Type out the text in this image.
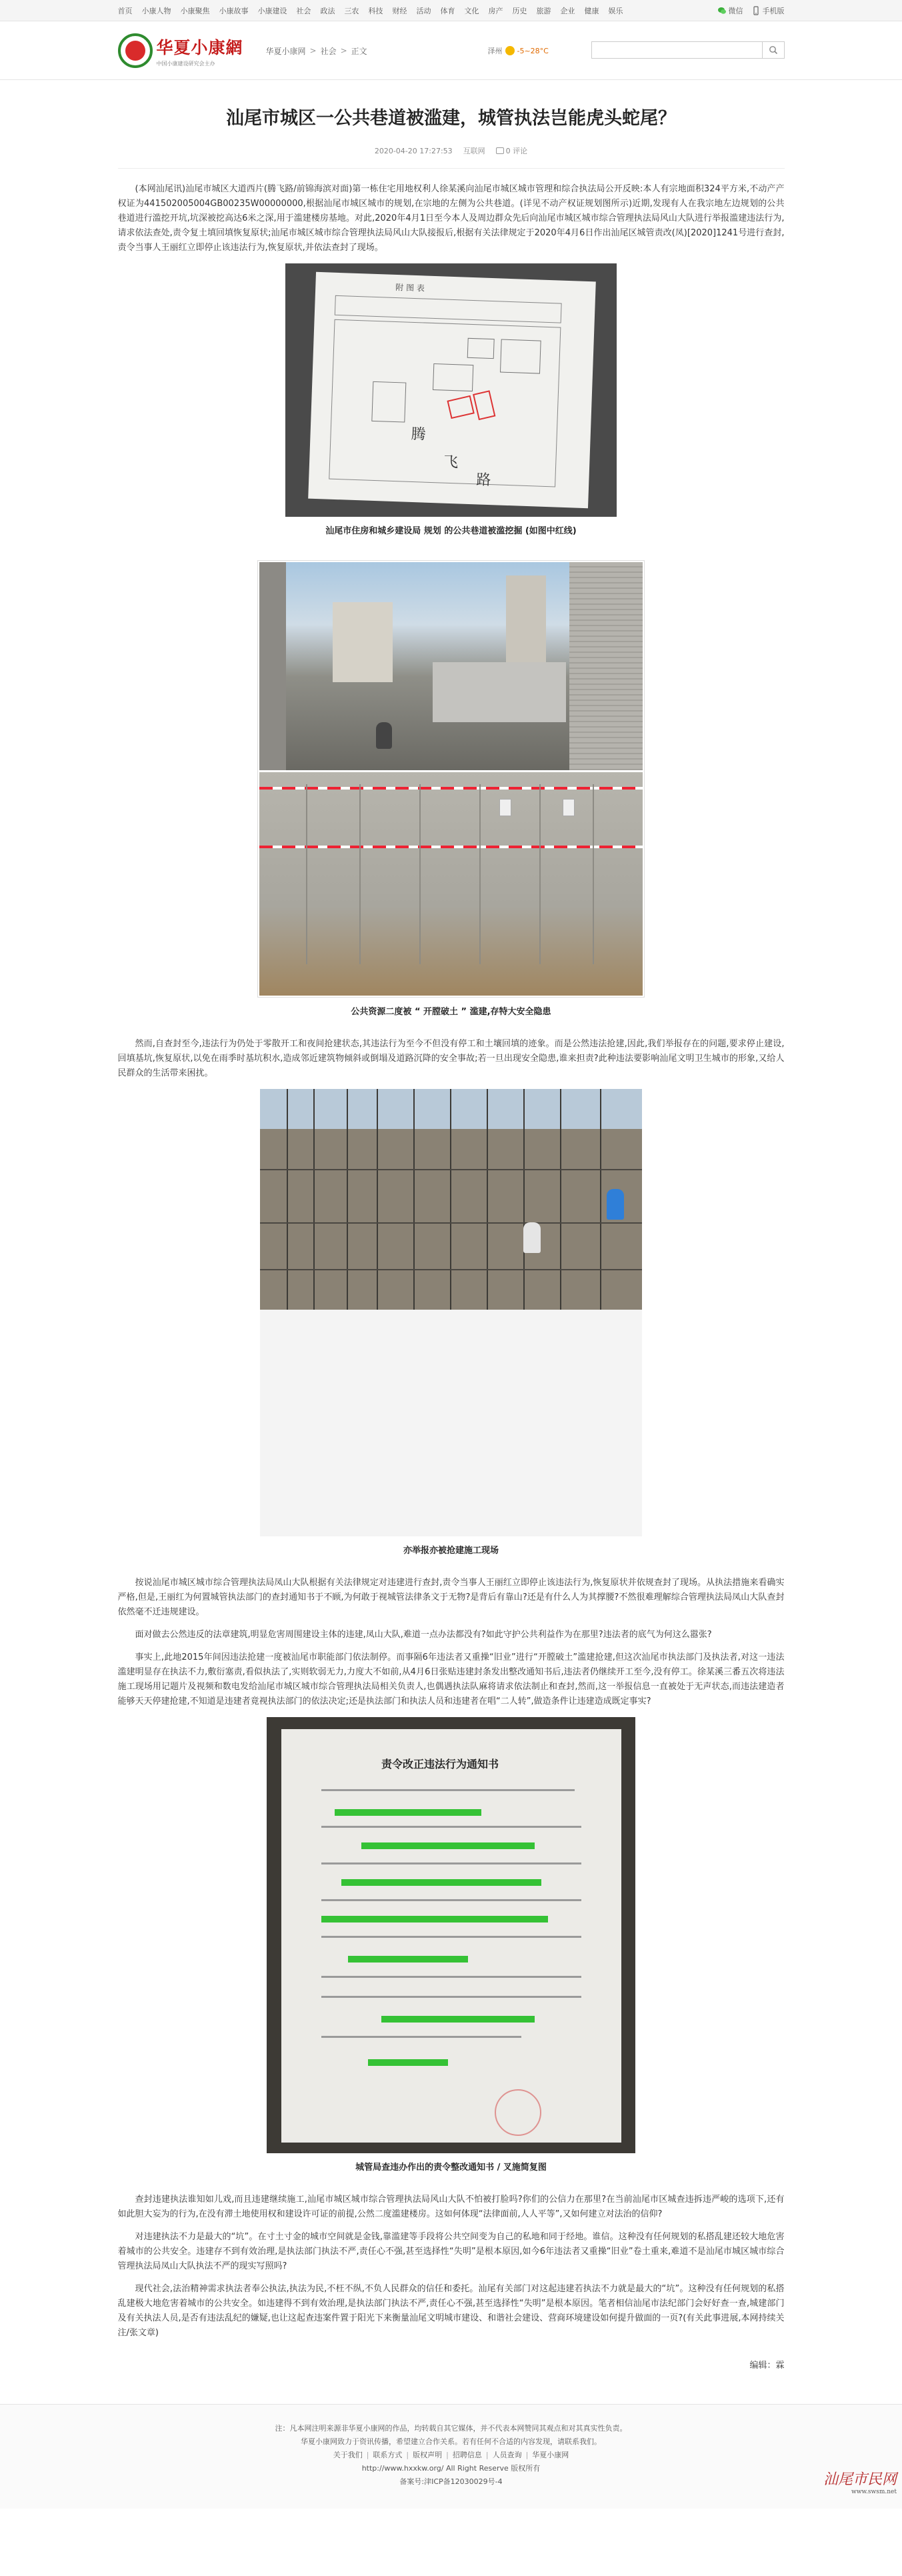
首页 小康人物 小康聚焦 小康故事 小康建设 社会 政法 三农 科技 财经 活动 体育 文化 房产 历史 旅游 企业 健康 娱乐	微信	手机版
华夏小康網
中国小康建设研究会主办
华夏小康网 > 社会 > 正文	泽州 -5~28°C
汕尾市城区一公共巷道被滥建，城管执法岂能虎头蛇尾？
2020-04-20 17:27:53 互联网	0 评论

(本网汕尾讯)汕尾市城区大道西片(腾飞路/前锦海滨对面)第一栋住宅用地权利人徐某溪向汕尾市城区城市管理和综合执法局公开反映:本人有宗地面积324平方米,不动产产权证为441502005004GB00235W00000000,根据汕尾市城区城市的规划,在宗地的左侧为公共巷道。(详见不动产权证规划图所示)近期,发现有人在我宗地左边规划的公共巷道进行滥挖开坑,坑深被挖高达6米之深,用于滥建楼房基地。对此,2020年4月1日至今本人及周边群众先后向汕尾市城区城市综合管理执法局风山大队进行举报滥建违法行为,请求依法查处,责令复土填回填恢复原状;汕尾市城区城市综合管理执法局风山大队接报后,根据有关法律规定于2020年4月6日作出汕尾区城管责改(凤)[2020]1241号进行查封,责令当事人王丽红立即停止该违法行为,恢复原状,并依法查封了现场。

附 图 表
腾
飞
路
汕尾市住房和城乡建设局 规划 的公共巷道被滥挖掘 (如图中红线)
公共资源二度被 “ 开膛破土 ” 滥建,存特大安全隐患

然而,自查封至今,违法行为仍处于零散开工和夜间抢建状态,其违法行为至今不但没有停工和土壤回填的迹象。而是公然违法抢建,因此,我们举报存在的问题,要求停止建设,回填基坑,恢复原状,以免在雨季时基坑积水,造成邻近建筑物倾斜或倒塌及道路沉降的安全事故;若一旦出现安全隐患,谁来担责?此种违法要影响汕尾文明卫生城市的形象,又给人民群众的生活带来困扰。

亦举报亦被抢建施工现场

按说汕尾市城区城市综合管理执法局凤山大队根据有关法律规定对违建进行查封,责令当事人王丽红立即停止该违法行为,恢复原状并依规查封了现场。从执法措施来看确实严格,但是,王丽红为何置城管执法部门的查封通知书于不顾,为何敢于视城管法律条文于无物?是背后有靠山?还是有什么人为其撑腰?不然很难理解综合管理执法局凤山大队查封依然毫不迁违规建设。

面对做去公然违反的法章建筑,明显危害周围建设主体的违建,凤山大队,难道一点办法都没有?如此守护公共利益作为在那里?违法者的底气为何这么嚣张?

事实上,此地2015年间因违法抢建一度被汕尾市职能部门依法制停。而事隔6年违法者又重操“旧业”进行“开膛破土”滥建抢建,但这次汕尾市执法部门及执法者,对这一违法滥建明显存在执法不力,敷衍塞责,看似执法了,实则软弱无力,力度大不如前,从4月6日张贴违建封条发出整改通知书后,违法者仍继续开工至今,没有停工。徐某溪三番五次将违法施工现场用记题片及视频和数电发给汕尾市城区城市综合管理执法局相关负责人,也偶遇执法队麻将请求依法制止和查封,然而,这一举报信息一直被处于无声状态,而违法建造者能够天天停建抢建,不知道是违建者竟视执法部门的依法决定;还是执法部门和执法人员和违建者在唱“二人转”,做造条件让违建造成既定事实?

责令改正违法行为通知书
城管局查违办作出的责令整改通知书 / 叉施简复图

查封违建执法谁知如儿戏,而且违建继续施工,汕尾市城区城市综合管理执法局风山大队不怕被打脸吗?你们的公信力在那里?在当前汕尾市区城查违拆违严峻的选项下,还有如此胆大妄为的行为,在没有滞土地使用权和建设许可证的前提,公然二度滥建楼房。这如何体现“法律面前,人人平等”,又如何建立对法治的信仰?

对违建执法不力是最大的“坑”。在寸土寸金的城市空间就是金钱,靠滥建等手段将公共空间变为自己的私地和同于经地。谁信。这种没有任何规划的私搭乱建还较大地危害着城市的公共安全。违建存不到有效治理,是执法部门执法不严,责任心不强,甚至选择性“失明”是根本原因,如今6年违法者又重操“旧业”卷土重来,难道不是汕尾市城区城市综合管理执法局凤山大队执法不严的现实写照吗?

现代社会,法治精神需求执法者奉公执法,执法为民,不枉不纵,不负人民群众的信任和委托。汕尾有关部门对这起违建若执法不力就是最大的“坑”。这种没有任何规划的私搭乱建极大地危害着城市的公共安全。如违建得不到有效治理,是执法部门执法不严,责任心不强,甚至选择性“失明”是根本原因。笔者相信汕尾市法纪部门会好好查一查,城建部门及有关执法人员,是否有违法乱纪的嫌疑,也让这起查违案件置于阳光下来衡量汕尾文明城市建设、和谐社会建设、营商环境建设如何提升做面的一页?(有关此事进展,本网持续关注/张文章)

编辑：霖
注：凡本网注明来源非华夏小康网的作品，均转载自其它媒体，并不代表本网赞同其观点和对其真实性负责。
华夏小康网致力于资讯传播，希望建立合作关系。若有任何不合适的内容发现，请联系我们。
关于我们 | 联系方式 | 版权声明 | 招聘信息 | 人员查询 | 华夏小康网
http://www.hxxkw.org/ All Right Reserve 版权所有
备案号:津ICP备12030029号-4	汕尾市民网
www.swsm.net
